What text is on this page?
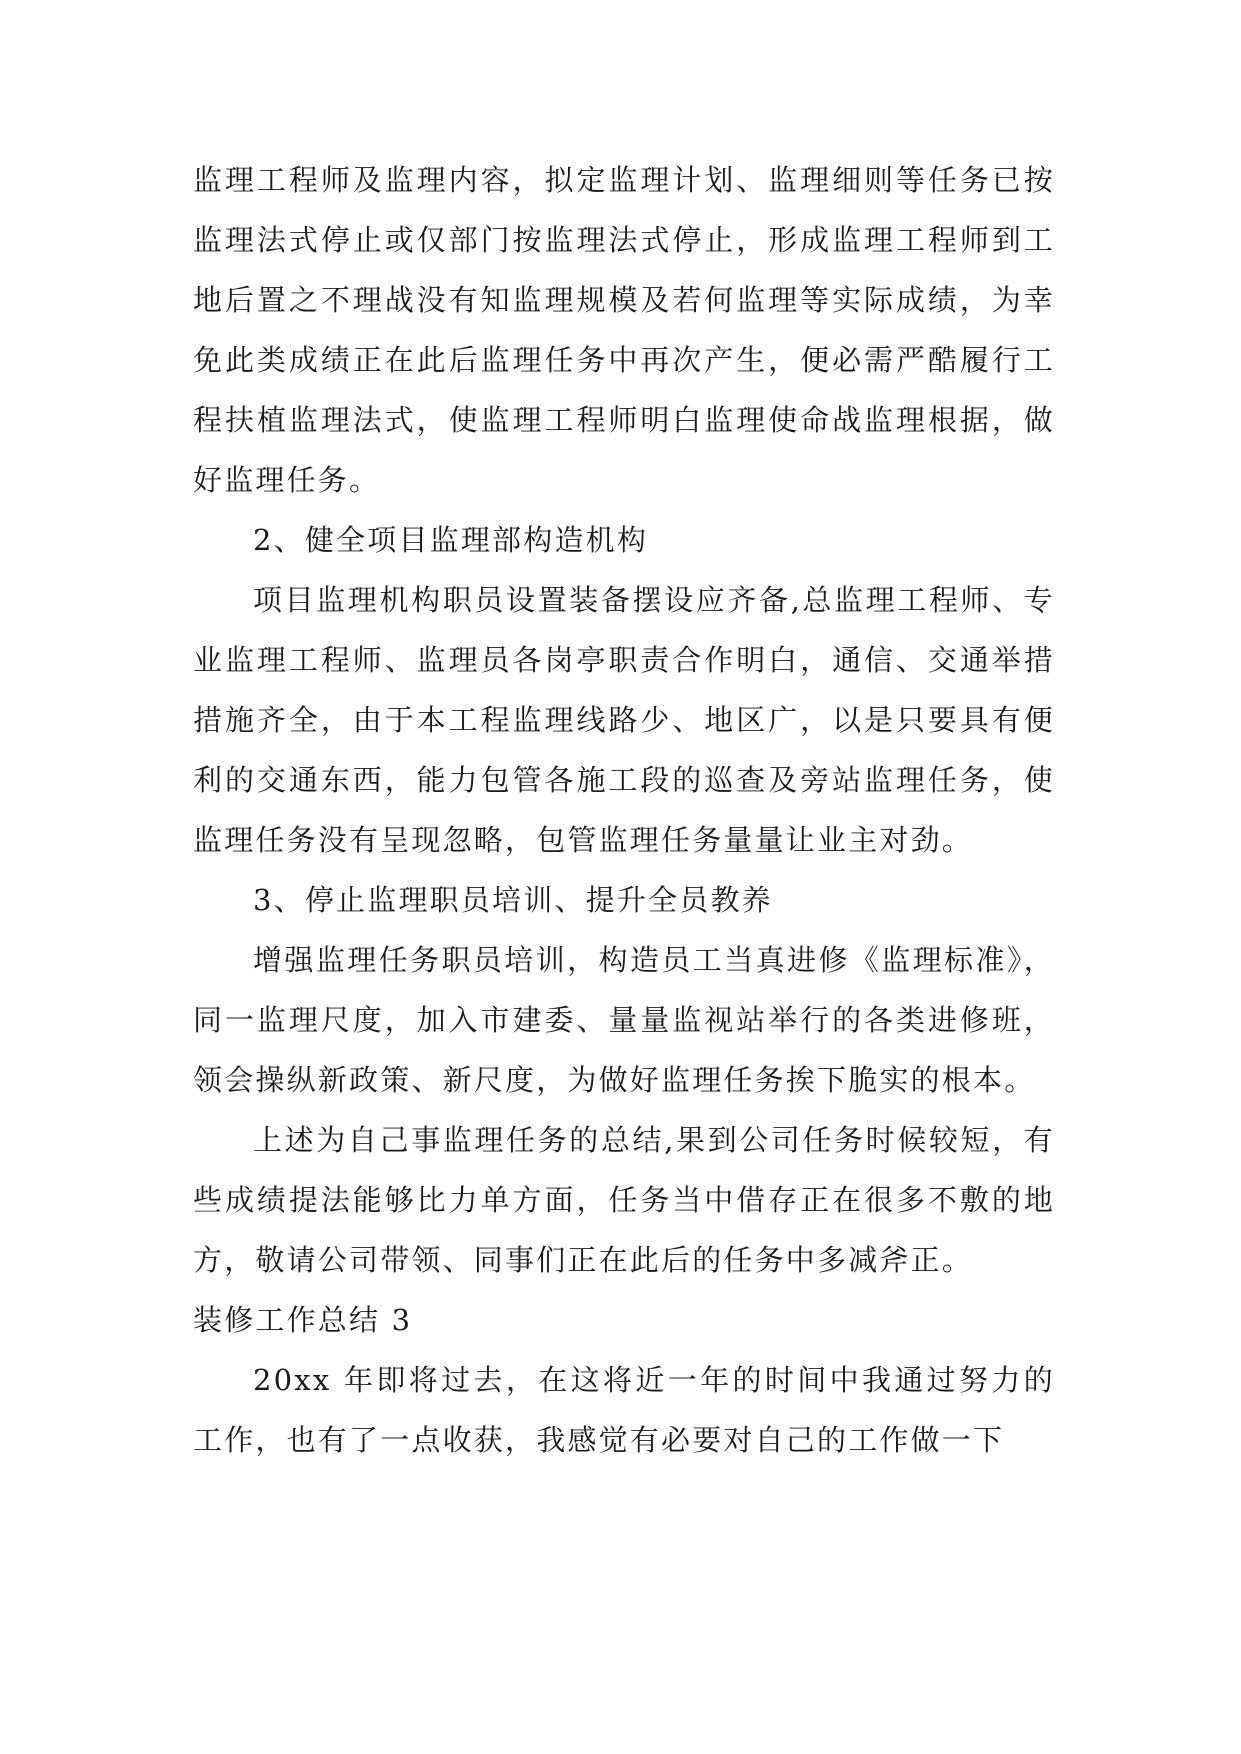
监理工程师及监理内容，拟定监理计划、监理细则等任务已按监理法式停止或仅部门按监理法式停止，形成监理工程师到工地后置之不理战没有知监理规模及若何监理等实际成绩，为幸免此类成绩正在此后监理任务中再次产生，便必需严酷履行工程扶植监理法式，使监理工程师明白监理使命战监理根据，做好监理任务。

2、健全项目监理部构造机构

项目监理机构职员设置装备摆设应齐备,总监理工程师、专业监理工程师、监理员各岗亭职责合作明白，通信、交通举措措施齐全，由于本工程监理线路少、地区广，以是只要具有便利的交通东西，能力包管各施工段的巡查及旁站监理任务，使监理任务没有呈现忽略，包管监理任务量量让业主对劲。

3、停止监理职员培训、提升全员教养

增强监理任务职员培训，构造员工当真进修《监理标准》，同一监理尺度，加入市建委、量量监视站举行的各类进修班，领会操纵新政策、新尺度，为做好监理任务挨下脆实的根本。

上述为自己事监理任务的总结,果到公司任务时候较短，有些成绩提法能够比力单方面，任务当中借存正在很多不敷的地方，敬请公司带领、同事们正在此后的任务中多减斧正。

装修工作总结 3

20xx 年即将过去，在这将近一年的时间中我通过努力的工作，也有了一点收获，我感觉有必要对自己的工作做一下
